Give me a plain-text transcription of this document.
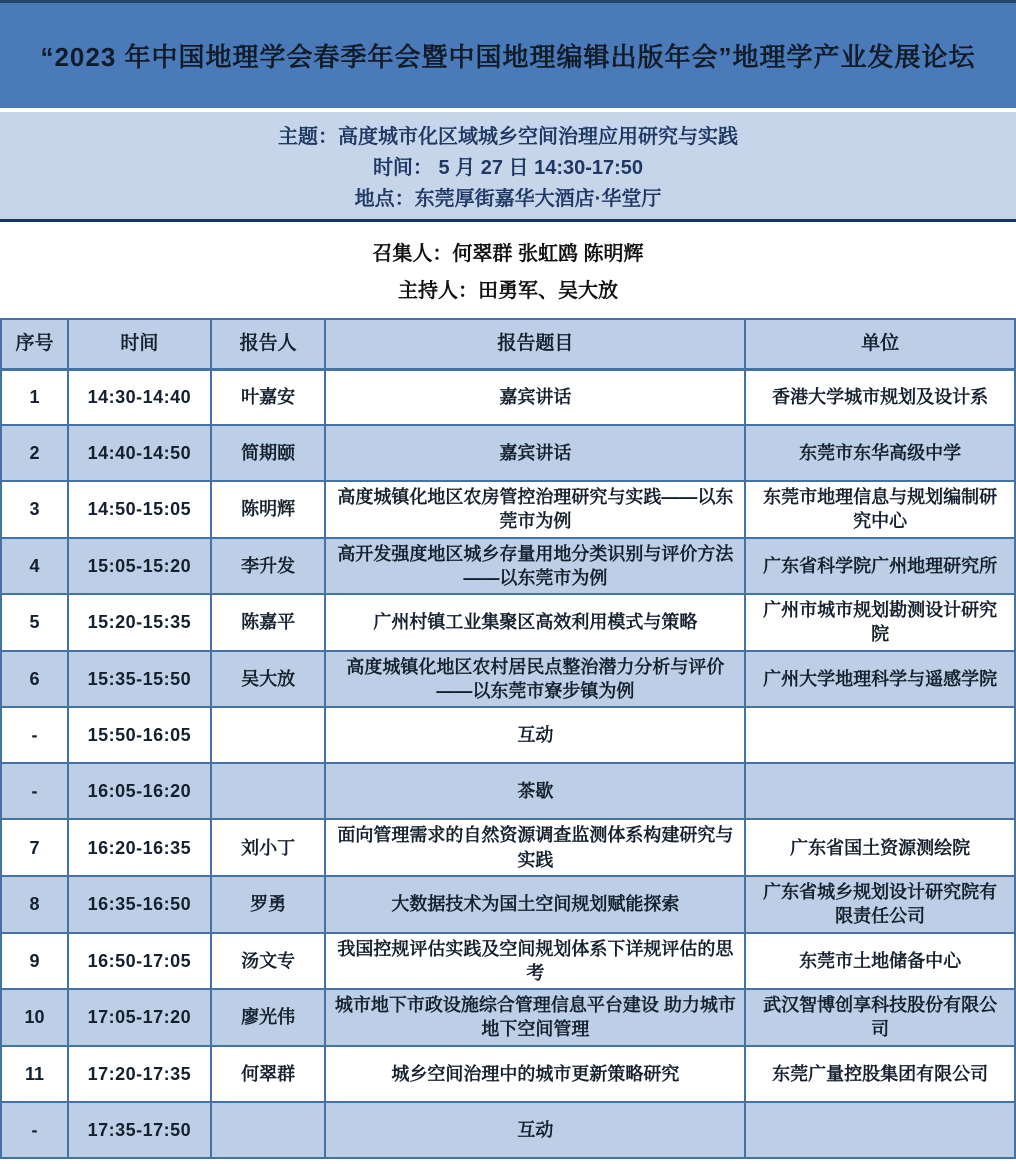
“2023 年中国地理学会春季年会暨中国地理编辑出版年会”地理学产业发展论坛
主题：高度城市化区域城乡空间治理应用研究与实践
时间： 5 月 27 日 14:30-17:50
地点：东莞厚街嘉华大酒店·华堂厅
召集人：何翠群 张虹鸥 陈明辉
主持人：田勇军、吴大放
序号	时间	报告人	报告题目	单位
1	14:30-14:40	叶嘉安	嘉宾讲话	香港大学城市规划及设计系
2	14:40-14:50	简期颐	嘉宾讲话	东莞市东华高级中学
3	14:50-15:05	陈明辉	高度城镇化地区农房管控治理研究与实践——以东莞市为例	东莞市地理信息与规划编制研究中心
4	15:05-15:20	李升发	高开发强度地区城乡存量用地分类识别与评价方法——以东莞市为例	广东省科学院广州地理研究所
5	15:20-15:35	陈嘉平	广州村镇工业集聚区高效利用模式与策略	广州市城市规划勘测设计研究院
6	15:35-15:50	吴大放	高度城镇化地区农村居民点整治潜力分析与评价——以东莞市寮步镇为例	广州大学地理科学与遥感学院
-	15:50-16:05		互动	
-	16:05-16:20		茶歇	
7	16:20-16:35	刘小丁	面向管理需求的自然资源调查监测体系构建研究与实践	广东省国土资源测绘院
8	16:35-16:50	罗勇	大数据技术为国土空间规划赋能探索	广东省城乡规划设计研究院有限责任公司
9	16:50-17:05	汤文专	我国控规评估实践及空间规划体系下详规评估的思考	东莞市土地储备中心
10	17:05-17:20	廖光伟	城市地下市政设施综合管理信息平台建设 助力城市地下空间管理	武汉智博创享科技股份有限公司
11	17:20-17:35	何翠群	城乡空间治理中的城市更新策略研究	东莞广量控股集团有限公司
-	17:35-17:50		互动	
